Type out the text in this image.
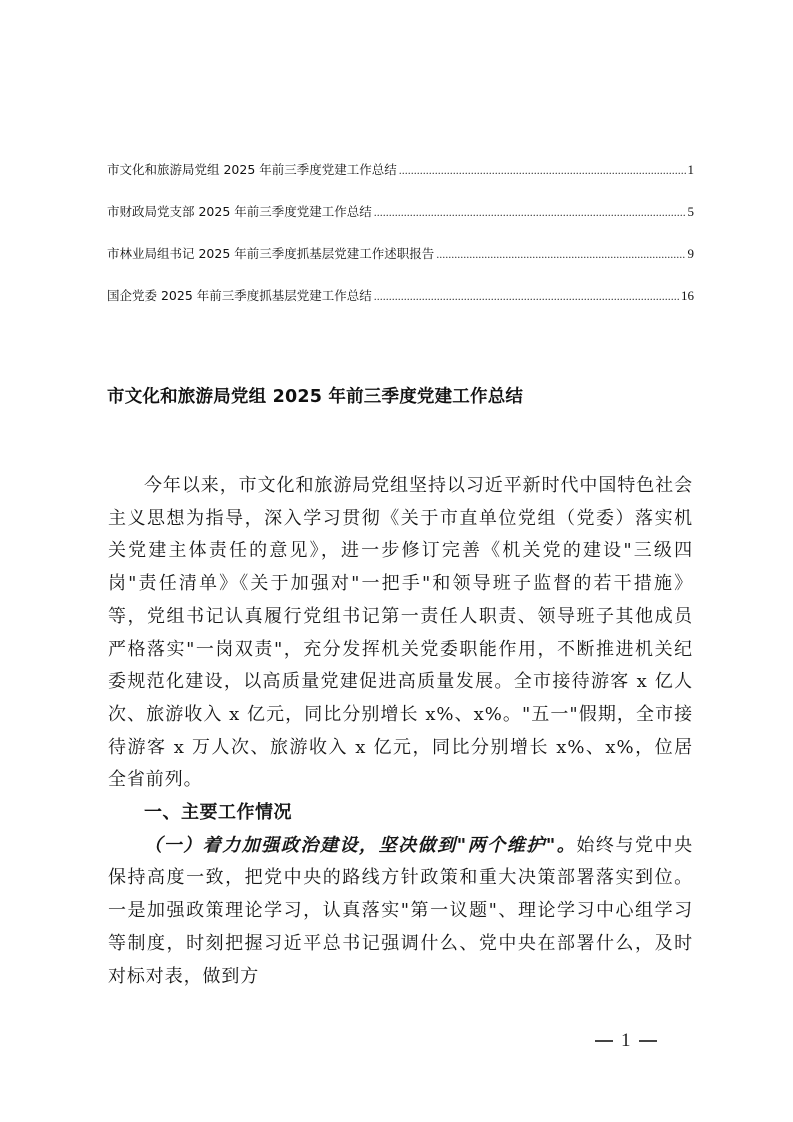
市文化和旅游局党组 2025 年前三季度党建工作总结 .....	1
市财政局党支部 2025 年前三季度党建工作总结 .....	5
市林业局组书记 2025 年前三季度抓基层党建工作述职报告 .....	9
国企党委 2025 年前三季度抓基层党建工作总结 .....	16
市文化和旅游局党组 2025 年前三季度党建工作总结

今年以来，市文化和旅游局党组坚持以习近平新时代中国特色社会主义思想为指导，深入学习贯彻《关于市直单位党组（党委）落实机关党建主体责任的意见》，进一步修订完善《机关党的建设"三级四岗"责任清单》《关于加强对"一把手"和领导班子监督的若干措施》等，党组书记认真履行党组书记第一责任人职责、领导班子其他成员严格落实"一岗双责"，充分发挥机关党委职能作用，不断推进机关纪委规范化建设，以高质量党建促进高质量发展。全市接待游客 x 亿人次、旅游收入 x 亿元，同比分别增长 x%、x%。"五一"假期，全市接待游客 x 万人次、旅游收入 x 亿元，同比分别增长 x%、x%，位居全省前列。

一、主要工作情况

（一）着力加强政治建设，坚决做到"两个维护"。始终与党中央保持高度一致，把党中央的路线方针政策和重大决策部署落实到位。一是加强政策理论学习，认真落实"第一议题"、理论学习中心组学习等制度，时刻把握习近平总书记强调什么、党中央在部署什么，及时对标对表，做到方

1
